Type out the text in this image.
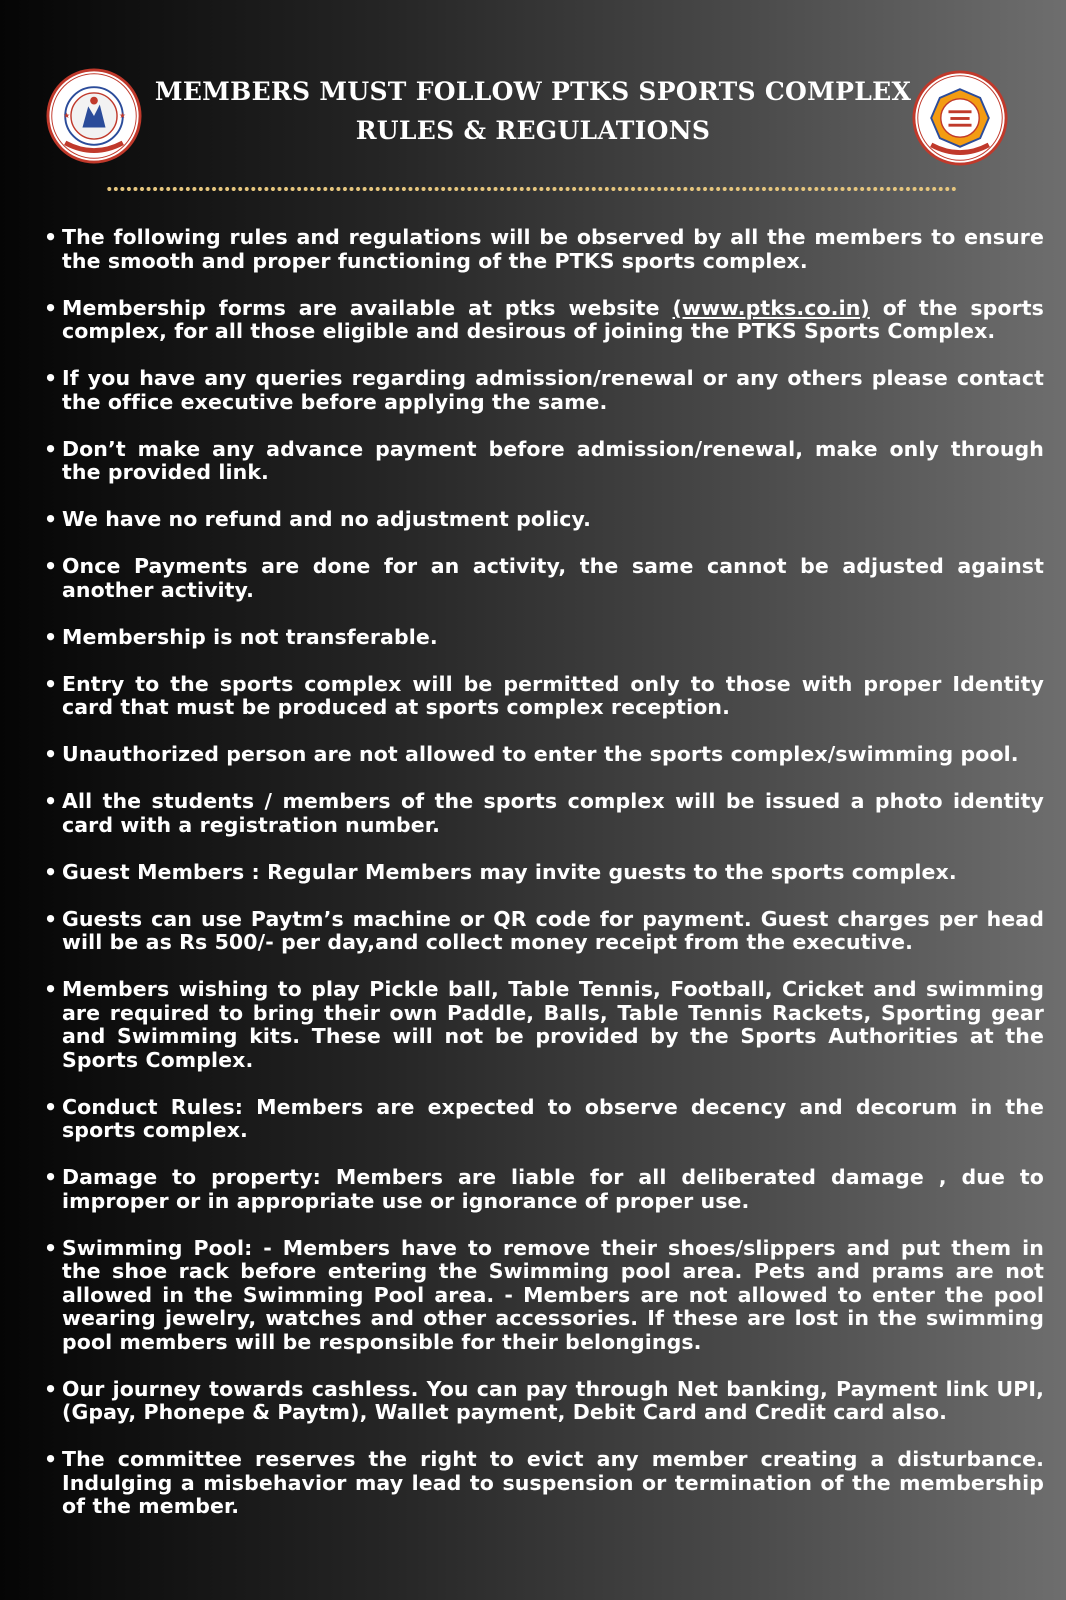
★	★
MEMBERS MUST FOLLOW PTKS SPORTS COMPLEX
RULES & REGULATIONS
• The following rules and regulations will be observed by all the members to ensure the smooth and proper functioning of the PTKS sports complex.
• Membership forms are available at ptks website (www.ptks.co.in) of the sports complex, for all those eligible and desirous of joining the PTKS Sports Complex.
• If you have any queries regarding admission/renewal or any others please contact the office executive before applying the same.
• Don’t make any advance payment before admission/renewal, make only through the provided link.
• We have no refund and no adjustment policy.
• Once Payments are done for an activity, the same cannot be adjusted against another activity.
• Membership is not transferable.
• Entry to the sports complex will be permitted only to those with proper Identity card that must be produced at sports complex reception.
• Unauthorized person are not allowed to enter the sports complex/swimming pool.
• All the students / members of the sports complex will be issued a photo identity card with a registration number.
• Guest Members : Regular Members may invite guests to the sports complex.
• Guests can use Paytm’s machine or QR code for payment. Guest charges per head will be as Rs 500/- per day,and collect money receipt from the executive.
• Members wishing to play Pickle ball, Table Tennis, Football, Cricket and swimming are required to bring their own Paddle, Balls, Table Tennis Rackets, Sporting gear and Swimming kits. These will not be provided by the Sports Authorities at the Sports Complex.
• Conduct Rules: Members are expected to observe decency and decorum in the sports complex.
• Damage to property: Members are liable for all deliberated damage , due to improper or in appropriate use or ignorance of proper use.
• Swimming Pool: - Members have to remove their shoes/slippers and put them in the shoe rack before entering the Swimming pool area. Pets and prams are not allowed in the Swimming Pool area. - Members are not allowed to enter the pool wearing jewelry, watches and other accessories. If these are lost in the swimming pool members will be responsible for their belongings.
• Our journey towards cashless. You can pay through Net banking, Payment link UPI,(Gpay, Phonepe & Paytm), Wallet payment, Debit Card and Credit card also.
• The committee reserves the right to evict any member creating a disturbance. Indulging a misbehavior may lead to suspension or termination of the membership of the member.
